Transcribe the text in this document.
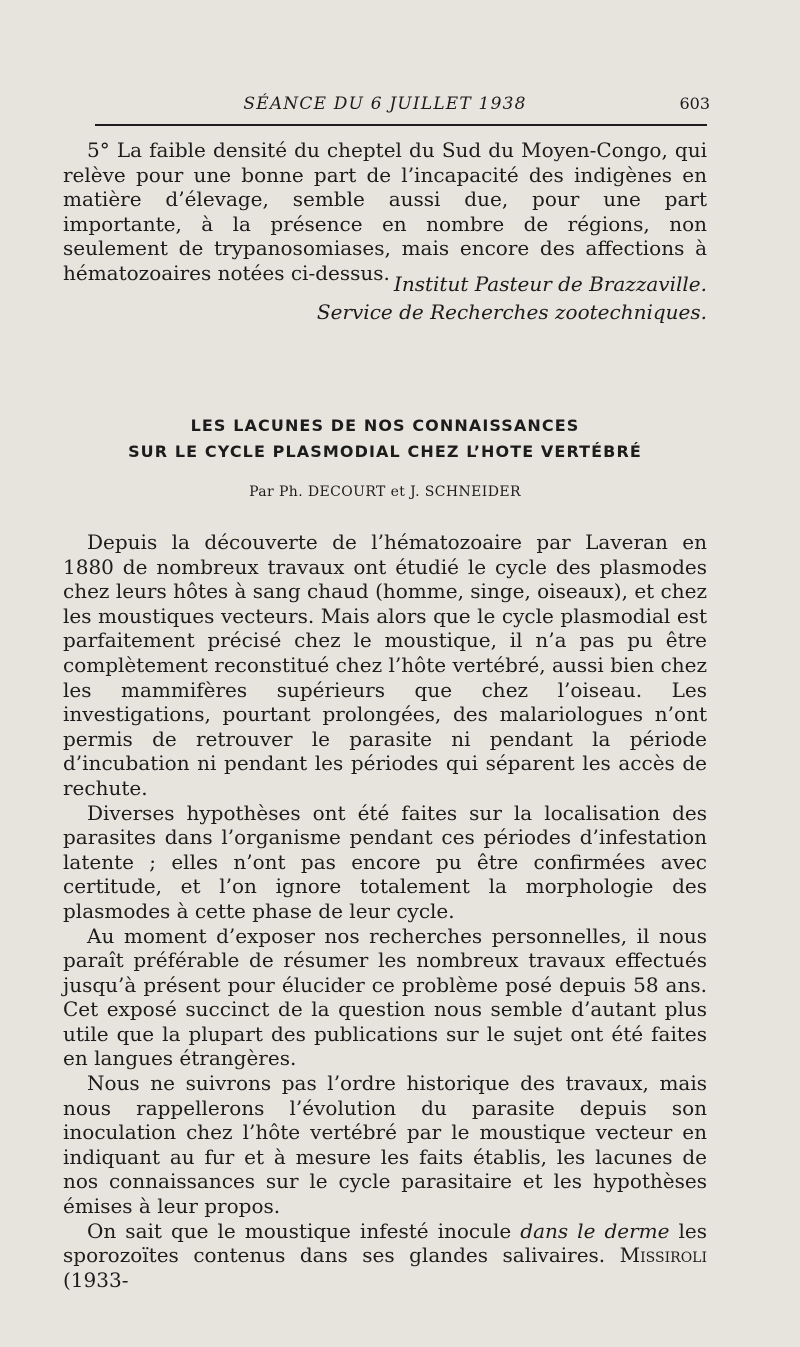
SÉANCE DU 6 JUILLET 1938	603

5° La faible densité du cheptel du Sud du Moyen-Congo, qui relève pour une bonne part de l’incapacité des indigènes en matière d’élevage, semble aussi due, pour une part importante, à la présence en nombre de régions, non seulement de trypanosomiases, mais encore des affections à hématozoaires notées ci-dessus. Institut Pasteur de Brazzaville.
Service de Recherches zootechniques.
LES LACUNES DE NOS CONNAISSANCES
SUR LE CYCLE PLASMODIAL CHEZ L’HOTE VERTÉBRÉ
Par Ph. DECOURT et J. SCHNEIDER

Depuis la découverte de l’hématozoaire par Laveran en 1880 de nombreux travaux ont étudié le cycle des plasmodes chez leurs hôtes à sang chaud (homme, singe, oiseaux), et chez les moustiques vecteurs. Mais alors que le cycle plasmodial est parfaitement précisé chez le moustique, il n’a pas pu être complètement reconstitué chez l’hôte vertébré, aussi bien chez les mammifères supérieurs que chez l’oiseau. Les investigations, pourtant prolongées, des malariologues n’ont permis de retrouver le parasite ni pendant la période d’incubation ni pendant les périodes qui séparent les accès de rechute.

Diverses hypothèses ont été faites sur la localisation des parasites dans l’organisme pendant ces périodes d’infestation latente ; elles n’ont pas encore pu être confirmées avec certitude, et l’on ignore totalement la morphologie des plasmodes à cette phase de leur cycle.

Au moment d’exposer nos recherches personnelles, il nous paraît préférable de résumer les nombreux travaux effectués jusqu’à présent pour élucider ce problème posé depuis 58 ans. Cet exposé succinct de la question nous semble d’autant plus utile que la plupart des publications sur le sujet ont été faites en langues étrangères.

Nous ne suivrons pas l’ordre historique des travaux, mais nous rappellerons l’évolution du parasite depuis son inoculation chez l’hôte vertébré par le moustique vecteur en indiquant au fur et à mesure les faits établis, les lacunes de nos connaissances sur le cycle parasitaire et les hypothèses émises à leur propos.

On sait que le moustique infesté inocule dans le derme les sporozoïtes contenus dans ses glandes salivaires. Missiroli (1933-
